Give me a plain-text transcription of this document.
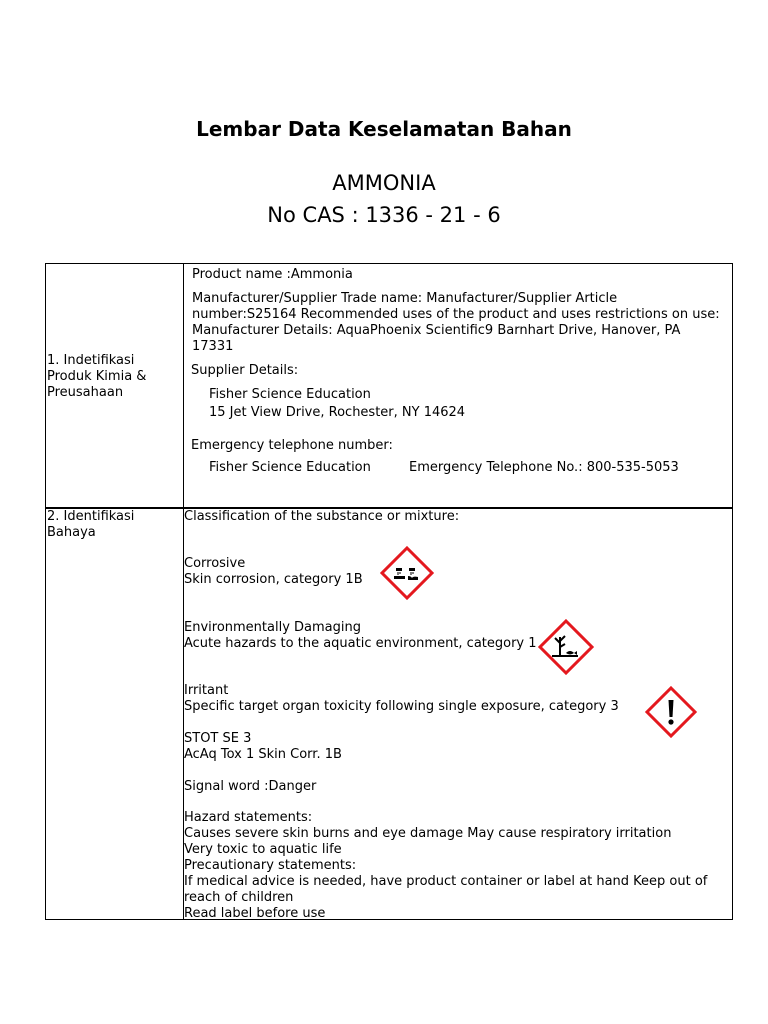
Lembar Data Keselamatan Bahan
AMMONIA
No CAS : 1336 - 21 - 6
1. Indetifikasi Produk Kimia & Preusahaan
Product name :Ammonia
Manufacturer/Supplier Trade name: Manufacturer/Supplier Article
number:S25164 Recommended uses of the product and uses restrictions on use:
Manufacturer Details: AquaPhoenix Scientific9 Barnhart Drive, Hanover, PA
17331
Supplier Details:
Fisher Science Education
15 Jet View Drive, Rochester, NY 14624
Emergency telephone number:
Fisher Science Education	Emergency Telephone No.: 800-535-5053
2. Identifikasi Bahaya
Classification of the substance or mixture:
Corrosive
Skin corrosion, category 1B
Environmentally Damaging
Acute hazards to the aquatic environment, category 1
Irritant
Specific target organ toxicity following single exposure, category 3
STOT SE 3
AcAq Tox 1 Skin Corr. 1B
Signal word :Danger
Hazard statements:
Causes severe skin burns and eye damage May cause respiratory irritation
Very toxic to aquatic life
Precautionary statements:
If medical advice is needed, have product container or label at hand Keep out of
reach of children
Read label before use
